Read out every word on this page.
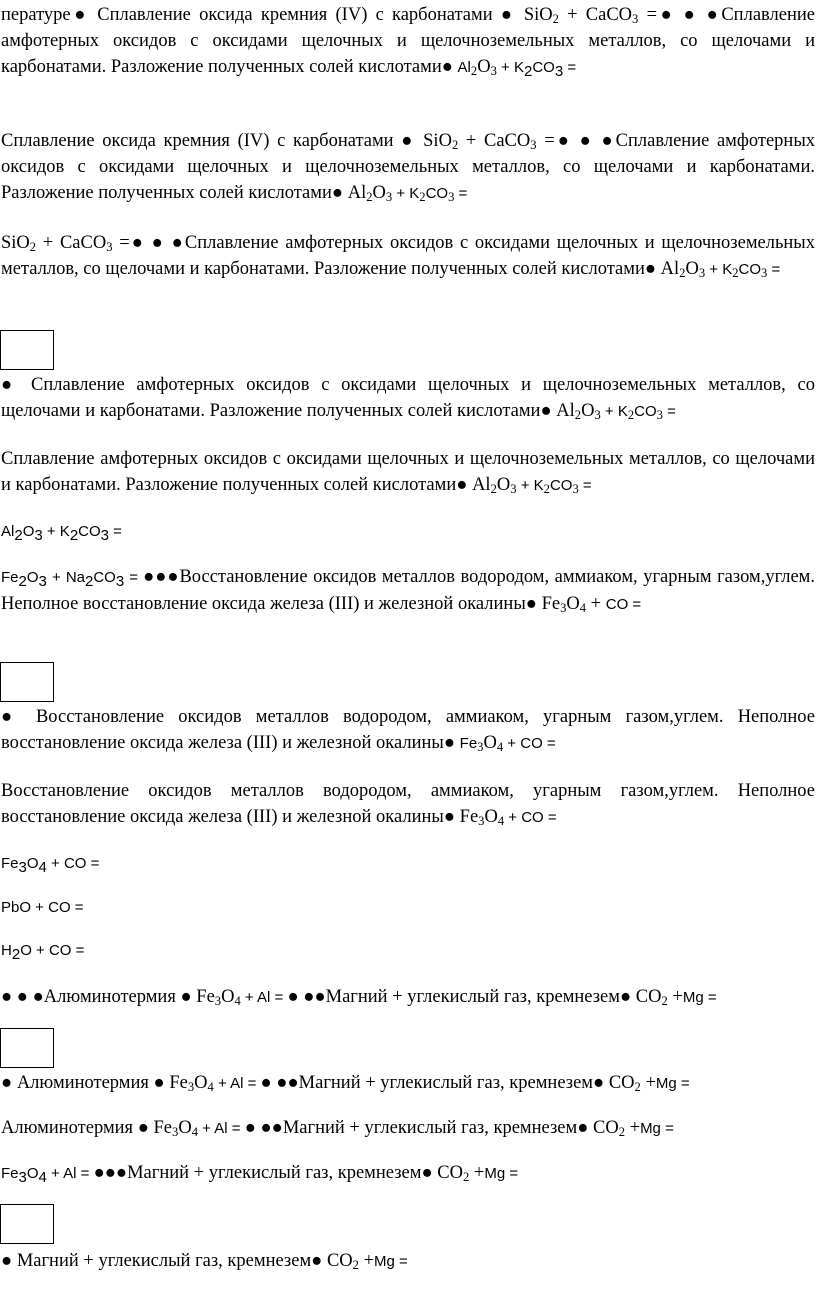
пературе● Сплавление оксида кремния (IV) с карбонатами ● SiO$_2$ + CaCO$_3$ =● ● ●Сплавление амфотерных оксидов с оксидами щелочных и щелочноземельных металлов, со щелочами и карбонатами. Разложение полученных солей кислотами● $Al_2O_3 + K_2CO_3$ =

Сплавление оксида кремния (IV) с карбонатами ● SiO$_2$ + CaCO$_3$ =● ● ●Сплавление амфотерных оксидов с оксидами щелочных и щелочноземельных металлов, со щелочами и карбонатами. Разложение полученных солей кислотами● $Al_2O_3 + K_2CO_3$ =

SiO$_2$ + CaCO$_3$ =● ● ●Сплавление амфотерных оксидов с оксидами щелочных и щелочноземельных металлов, со щелочами и карбонатами. Разложение полученных солей кислотами● $Al_2O_3 + K_2CO_3$ =

● Сплавление амфотерных оксидов с оксидами щелочных и щелочноземельных металлов, со щелочами и карбонатами. Разложение полученных солей кислотами● $Al_2O_3 + K_2CO_3$ =

Сплавление амфотерных оксидов с оксидами щелочных и щелочноземельных металлов, со щелочами и карбонатами. Разложение полученных солей кислотами● $Al_2O_3 + K_2CO_3$ =

$Al_2O_3 + K_2CO_3$ =

$Fe_2O_3 + Na_2CO_3$ = ●●●Восстановление оксидов металлов водородом, аммиаком, угарным газом,углем. Неполное восстановление оксида железа (III) и железной окалины● $Fe_3O_4$ + CO =

● Восстановление оксидов металлов водородом, аммиаком, угарным газом,углем. Неполное восстановление оксида железа (III) и железной окалины● $Fe_3O_4$ + CO =

Восстановление оксидов металлов водородом, аммиаком, угарным газом,углем. Неполное восстановление оксида железа (III) и железной окалины● $Fe_3O_4$ + CO =

$Fe_3O_4$ + CO =

PbO + CO =

$H_2O$ + CO =

● ● ●Алюминотермия ● $Fe_3O_4 + Al$ = ● ●●Магний + углекислый газ, кремнезем● $CO_2 +Mg$ =

● Алюминотермия ● $Fe_3O_4 + Al$ = ● ●●Магний + углекислый газ, кремнезем● $CO_2 +Mg$ =

Алюминотермия ● $Fe_3O_4 + Al$ = ● ●●Магний + углекислый газ, кремнезем● $CO_2 +Mg$ =

$Fe_3O_4 + Al$ = ●●●Магний + углекислый газ, кремнезем● $CO_2 +Mg$ =

● Магний + углекислый газ, кремнезем● $CO_2 +Mg$ =
